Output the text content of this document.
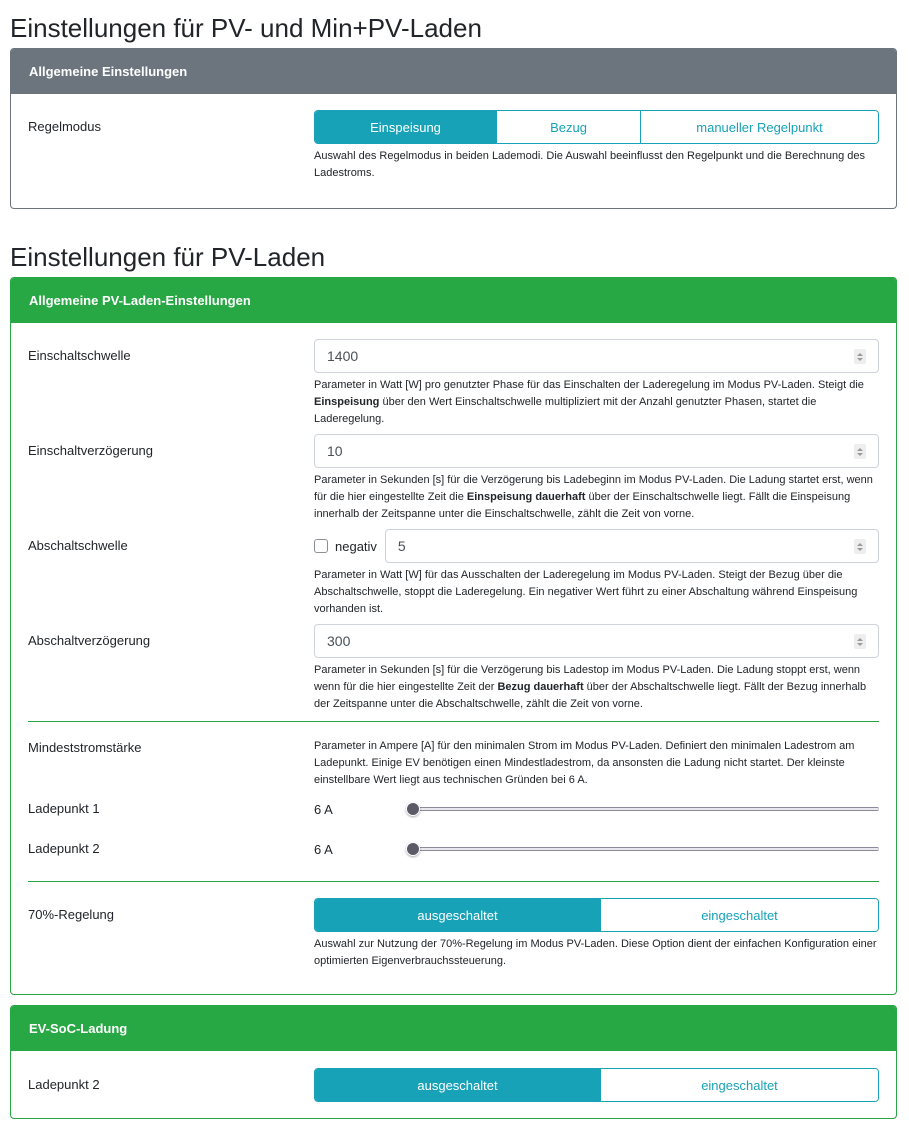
Einstellungen für PV- und Min+PV-Laden
Allgemeine Einstellungen
Regelmodus	Einspeisung	Bezug	manueller Regelpunkt
Auswahl des Regelmodus in beiden Lademodi. Die Auswahl beeinflusst den Regelpunkt und die Berechnung des Ladestroms.
Einstellungen für PV-Laden
Allgemeine PV-Laden-Einstellungen
Einschaltschwelle	1400
Parameter in Watt [W] pro genutzter Phase für das Einschalten der Laderegelung im Modus PV-Laden. Steigt die Einspeisung über den Wert Einschaltschwelle multipliziert mit der Anzahl genutzter Phasen, startet die Laderegelung.
Einschaltverzögerung	10
Parameter in Sekunden [s] für die Verzögerung bis Ladebeginn im Modus PV-Laden. Die Ladung startet erst, wenn für die hier eingestellte Zeit die Einspeisung dauerhaft über der Einschaltschwelle liegt. Fällt die Einspeisung innerhalb der Zeitspanne unter die Einschaltschwelle, zählt die Zeit von vorne.
Abschaltschwelle	negativ 5
Parameter in Watt [W] für das Ausschalten der Laderegelung im Modus PV-Laden. Steigt der Bezug über die Abschaltschwelle, stoppt die Laderegelung. Ein negativer Wert führt zu einer Abschaltung während Einspeisung vorhanden ist.
Abschaltverzögerung	300
Parameter in Sekunden [s] für die Verzögerung bis Ladestop im Modus PV-Laden. Die Ladung stoppt erst, wenn wenn für die hier eingestellte Zeit der Bezug dauerhaft über der Abschaltschwelle liegt. Fällt der Bezug innerhalb der Zeitspanne unter die Abschaltschwelle, zählt die Zeit von vorne.
Mindeststromstärke	Parameter in Ampere [A] für den minimalen Strom im Modus PV-Laden. Definiert den minimalen Ladestrom am Ladepunkt. Einige EV benötigen einen Mindestladestrom, da ansonsten die Ladung nicht startet. Der kleinste einstellbare Wert liegt aus technischen Gründen bei 6 A.
Ladepunkt 1	6 A
Ladepunkt 2	6 A
70%-Regelung	ausgeschaltet	eingeschaltet
Auswahl zur Nutzung der 70%-Regelung im Modus PV-Laden. Diese Option dient der einfachen Konfiguration einer optimierten Eigenverbrauchssteuerung.
EV-SoC-Ladung
Ladepunkt 2	ausgeschaltet	eingeschaltet
